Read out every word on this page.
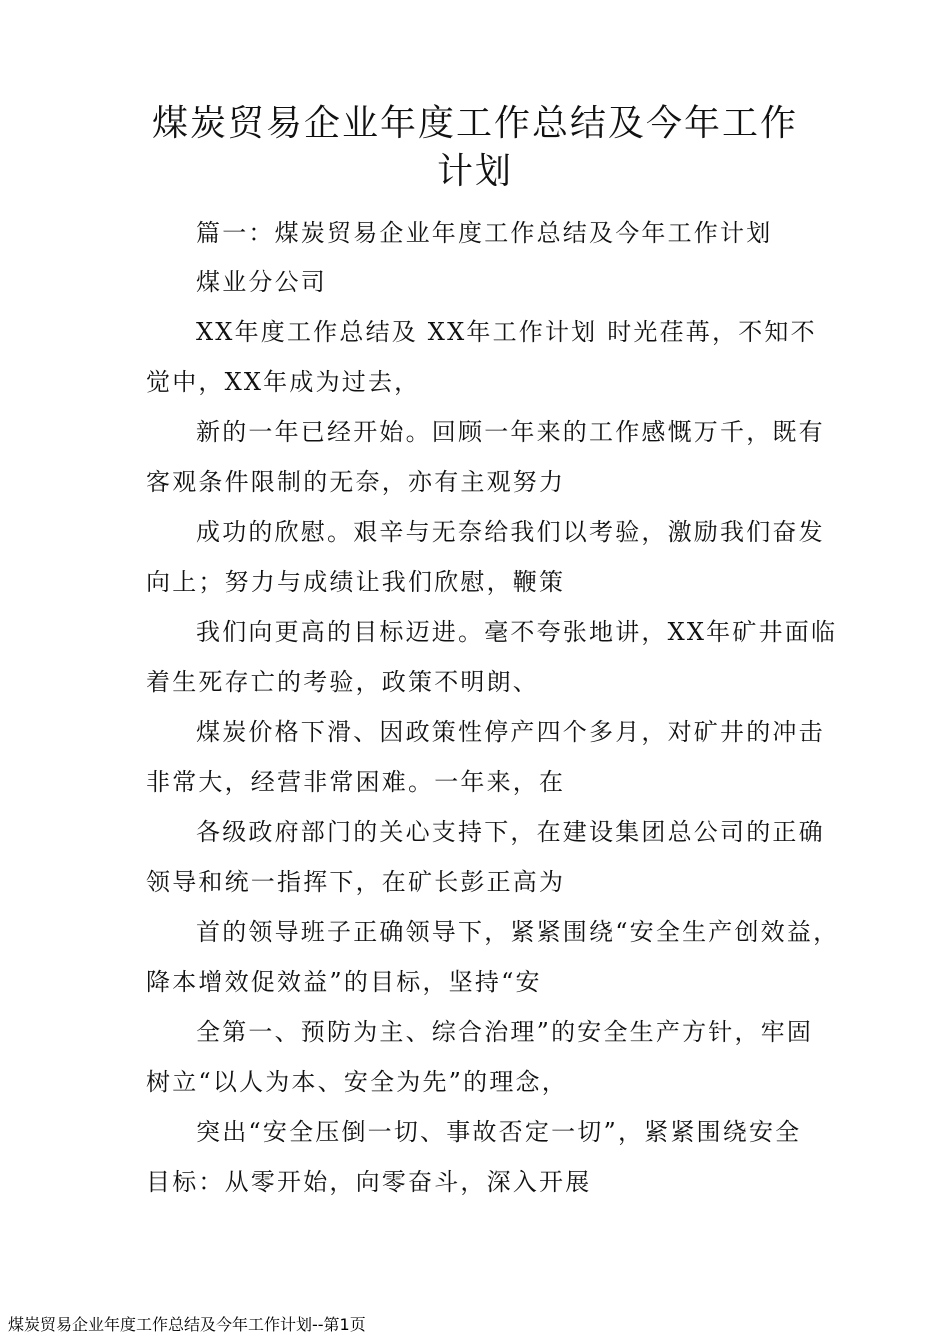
煤炭贸易企业年度工作总结及今年工作
计划
篇一：煤炭贸易企业年度工作总结及今年工作计划
煤业分公司
XX年度工作总结及 XX年工作计划 时光荏苒，不知不
觉中，XX年成为过去，
新的一年已经开始。回顾一年来的工作感慨万千，既有
客观条件限制的无奈，亦有主观努力
成功的欣慰。艰辛与无奈给我们以考验，激励我们奋发
向上；努力与成绩让我们欣慰，鞭策
我们向更高的目标迈进。毫不夸张地讲，XX年矿井面临
着生死存亡的考验，政策不明朗、
煤炭价格下滑、因政策性停产四个多月，对矿井的冲击
非常大，经营非常困难。一年来，在
各级政府部门的关心支持下，在建设集团总公司的正确
领导和统一指挥下，在矿长彭正高为
首的领导班子正确领导下，紧紧围绕“安全生产创效益，
降本增效促效益”的目标，坚持“安
全第一、预防为主、综合治理”的安全生产方针，牢固
树立“以人为本、安全为先”的理念，
突出“安全压倒一切、事故否定一切”，紧紧围绕安全
目标：从零开始，向零奋斗，深入开展
煤炭贸易企业年度工作总结及今年工作计划--第1页
